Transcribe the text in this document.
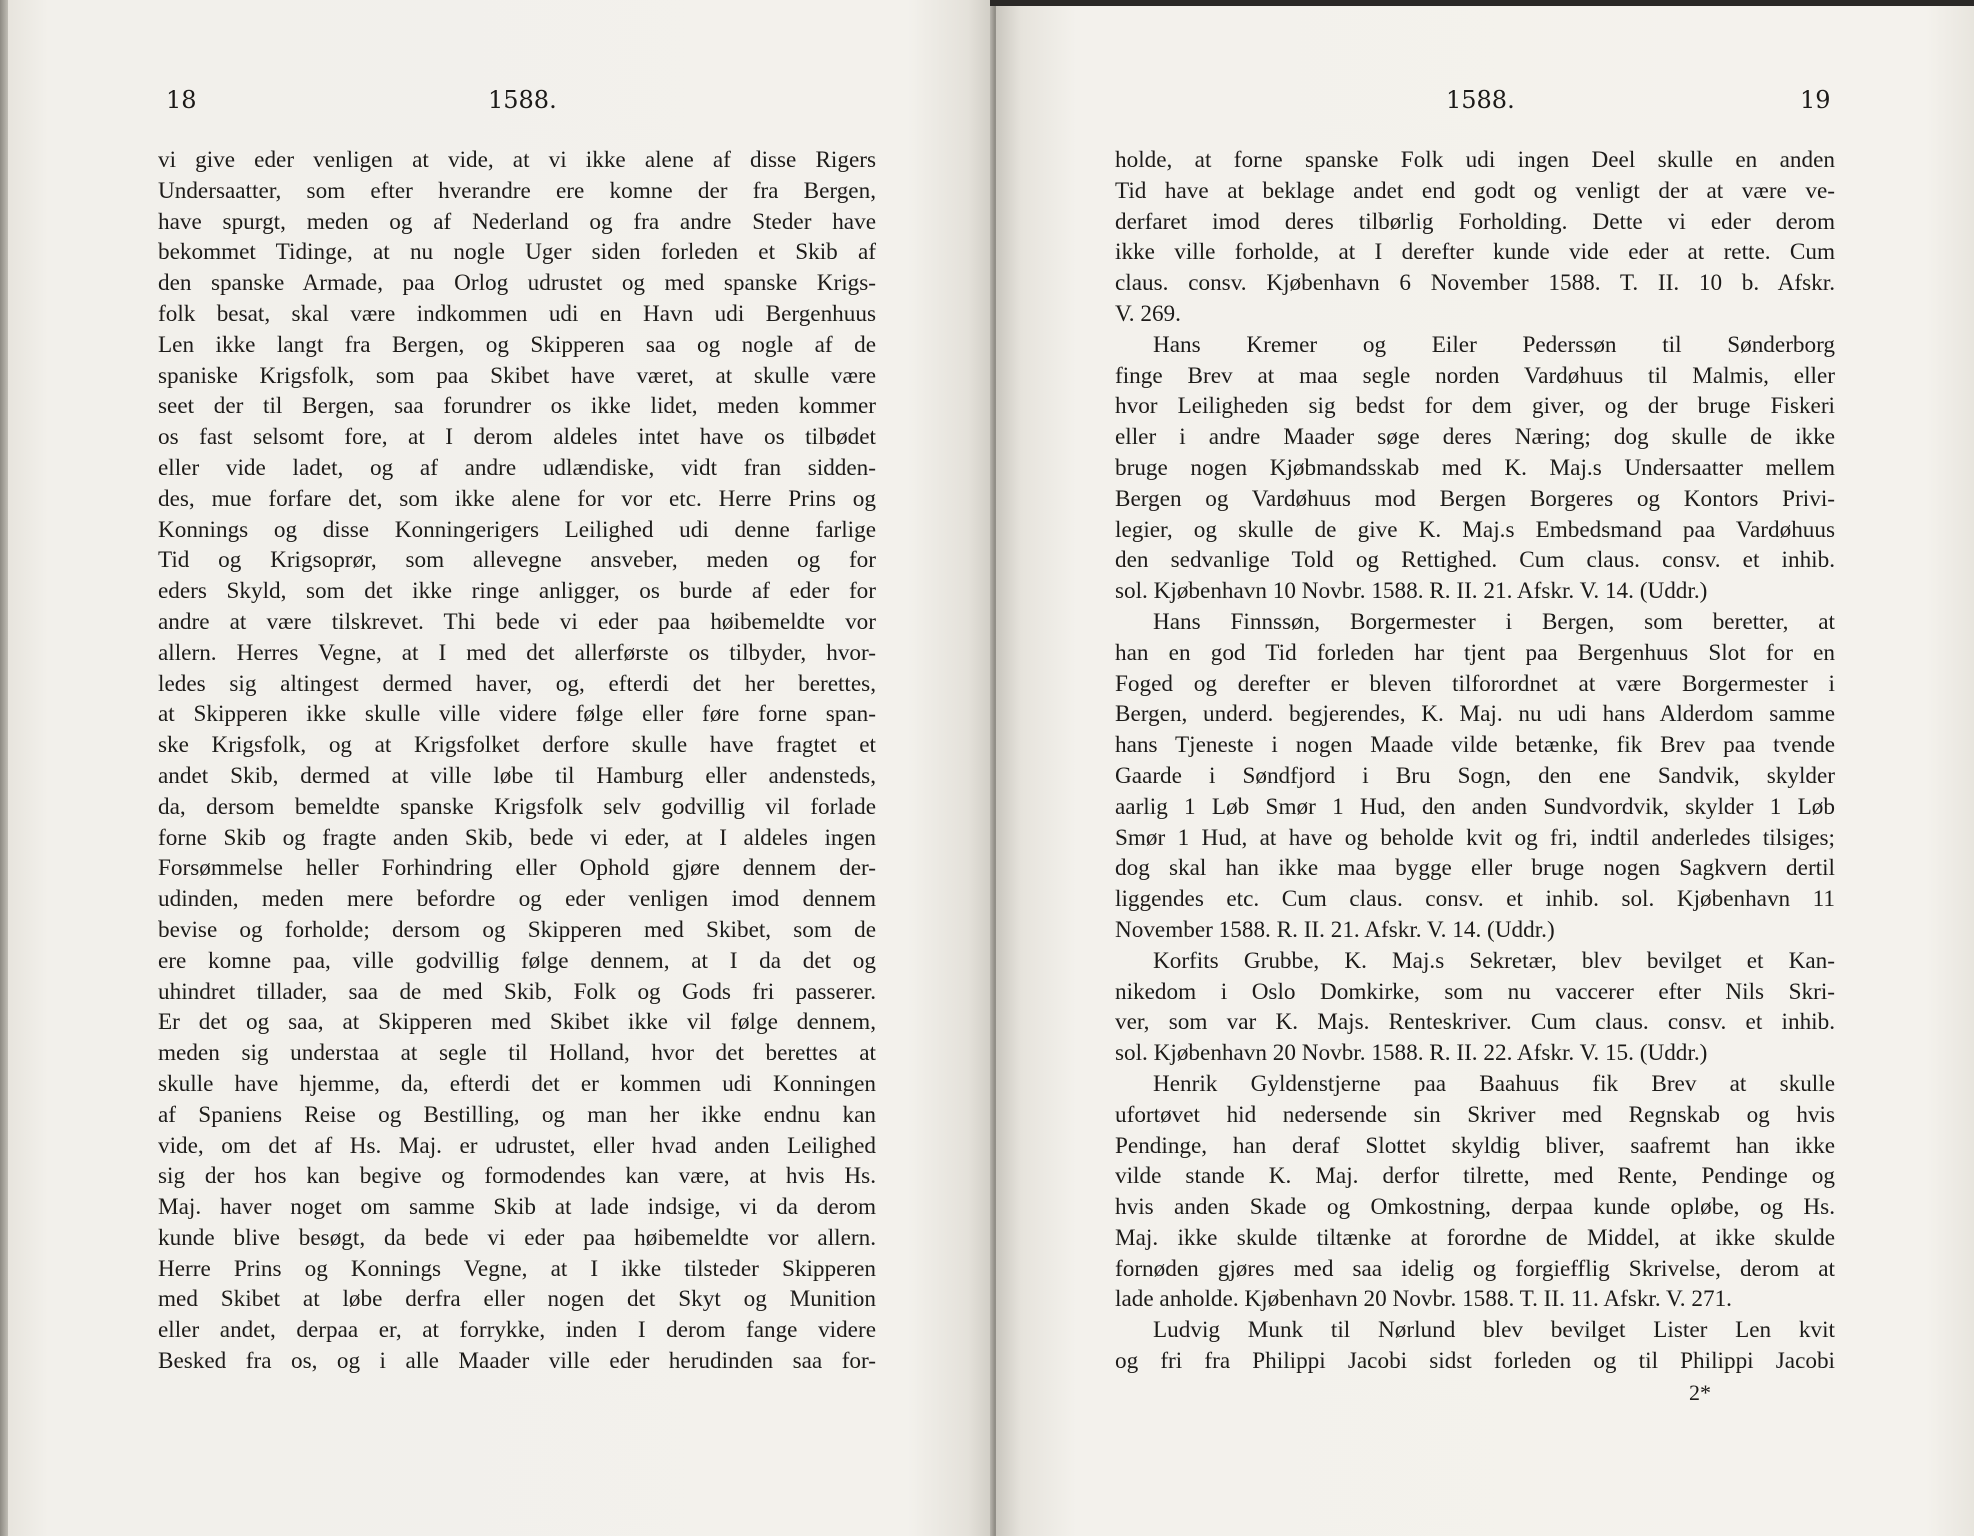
18	1588.
vi give eder venligen at vide, at vi ikke alene af disse Rigers
Undersaatter, som efter hverandre ere komne der fra Bergen,
have spurgt, meden og af Nederland og fra andre Steder have
bekommet Tidinge, at nu nogle Uger siden forleden et Skib af
den spanske Armade, paa Orlog udrustet og med spanske Krigs-
folk besat, skal være indkommen udi en Havn udi Bergenhuus
Len ikke langt fra Bergen, og Skipperen saa og nogle af de
spaniske Krigsfolk, som paa Skibet have været, at skulle være
seet der til Bergen, saa forundrer os ikke lidet, meden kommer
os fast selsomt fore, at I derom aldeles intet have os tilbødet
eller vide ladet, og af andre udlændiske, vidt fran sidden-
des, mue forfare det, som ikke alene for vor etc. Herre Prins og
Konnings og disse Konningerigers Leilighed udi denne farlige
Tid og Krigsoprør, som allevegne ansveber, meden og for
eders Skyld, som det ikke ringe anligger, os burde af eder for
andre at være tilskrevet. Thi bede vi eder paa høibemeldte vor
allern. Herres Vegne, at I med det allerførste os tilbyder, hvor-
ledes sig altingest dermed haver, og, efterdi det her berettes,
at Skipperen ikke skulle ville videre følge eller føre forne span-
ske Krigsfolk, og at Krigsfolket derfore skulle have fragtet et
andet Skib, dermed at ville løbe til Hamburg eller andensteds,
da, dersom bemeldte spanske Krigsfolk selv godvillig vil forlade
forne Skib og fragte anden Skib, bede vi eder, at I aldeles ingen
Forsømmelse heller Forhindring eller Ophold gjøre dennem der-
udinden, meden mere befordre og eder venligen imod dennem
bevise og forholde; dersom og Skipperen med Skibet, som de
ere komne paa, ville godvillig følge dennem, at I da det og
uhindret tillader, saa de med Skib, Folk og Gods fri passerer.
Er det og saa, at Skipperen med Skibet ikke vil følge dennem,
meden sig understaa at segle til Holland, hvor det berettes at
skulle have hjemme, da, efterdi det er kommen udi Konningen
af Spaniens Reise og Bestilling, og man her ikke endnu kan
vide, om det af Hs. Maj. er udrustet, eller hvad anden Leilighed
sig der hos kan begive og formodendes kan være, at hvis Hs.
Maj. haver noget om samme Skib at lade indsige, vi da derom
kunde blive besøgt, da bede vi eder paa høibemeldte vor allern.
Herre Prins og Konnings Vegne, at I ikke tilsteder Skipperen
med Skibet at løbe derfra eller nogen det Skyt og Munition
eller andet, derpaa er, at forrykke, inden I derom fange videre
Besked fra os, og i alle Maader ville eder herudinden saa for-
1588.	19
holde, at forne spanske Folk udi ingen Deel skulle en anden
Tid have at beklage andet end godt og venligt der at være ve-
derfaret imod deres tilbørlig Forholding. Dette vi eder derom
ikke ville forholde, at I derefter kunde vide eder at rette. Cum
claus. consv. Kjøbenhavn 6 November 1588. T. II. 10 b. Afskr.
V. 269.
Hans Kremer og Eiler Pederssøn til Sønderborg
finge Brev at maa segle norden Vardøhuus til Malmis, eller
hvor Leiligheden sig bedst for dem giver, og der bruge Fiskeri
eller i andre Maader søge deres Næring; dog skulle de ikke
bruge nogen Kjøbmandsskab med K. Maj.s Undersaatter mellem
Bergen og Vardøhuus mod Bergen Borgeres og Kontors Privi-
legier, og skulle de give K. Maj.s Embedsmand paa Vardøhuus
den sedvanlige Told og Rettighed. Cum claus. consv. et inhib.
sol. Kjøbenhavn 10 Novbr. 1588. R. II. 21. Afskr. V. 14. (Uddr.)
Hans Finnssøn, Borgermester i Bergen, som beretter, at
han en god Tid forleden har tjent paa Bergenhuus Slot for en
Foged og derefter er bleven tilforordnet at være Borgermester i
Bergen, underd. begjerendes, K. Maj. nu udi hans Alderdom samme
hans Tjeneste i nogen Maade vilde betænke, fik Brev paa tvende
Gaarde i Søndfjord i Bru Sogn, den ene Sandvik, skylder
aarlig 1 Løb Smør 1 Hud, den anden Sundvordvik, skylder 1 Løb
Smør 1 Hud, at have og beholde kvit og fri, indtil anderledes tilsiges;
dog skal han ikke maa bygge eller bruge nogen Sagkvern dertil
liggendes etc. Cum claus. consv. et inhib. sol. Kjøbenhavn 11
November 1588. R. II. 21. Afskr. V. 14. (Uddr.)
Korfits Grubbe, K. Maj.s Sekretær, blev bevilget et Kan-
nikedom i Oslo Domkirke, som nu vaccerer efter Nils Skri-
ver, som var K. Majs. Renteskriver. Cum claus. consv. et inhib.
sol. Kjøbenhavn 20 Novbr. 1588. R. II. 22. Afskr. V. 15. (Uddr.)
Henrik Gyldenstjerne paa Baahuus fik Brev at skulle
ufortøvet hid nedersende sin Skriver med Regnskab og hvis
Pendinge, han deraf Slottet skyldig bliver, saafremt han ikke
vilde stande K. Maj. derfor tilrette, med Rente, Pendinge og
hvis anden Skade og Omkostning, derpaa kunde opløbe, og Hs.
Maj. ikke skulde tiltænke at forordne de Middel, at ikke skulde
fornøden gjøres med saa idelig og forgiefflig Skrivelse, derom at
lade anholde. Kjøbenhavn 20 Novbr. 1588. T. II. 11. Afskr. V. 271.
Ludvig Munk til Nørlund blev bevilget Lister Len kvit
og fri fra Philippi Jacobi sidst forleden og til Philippi Jacobi
2*
